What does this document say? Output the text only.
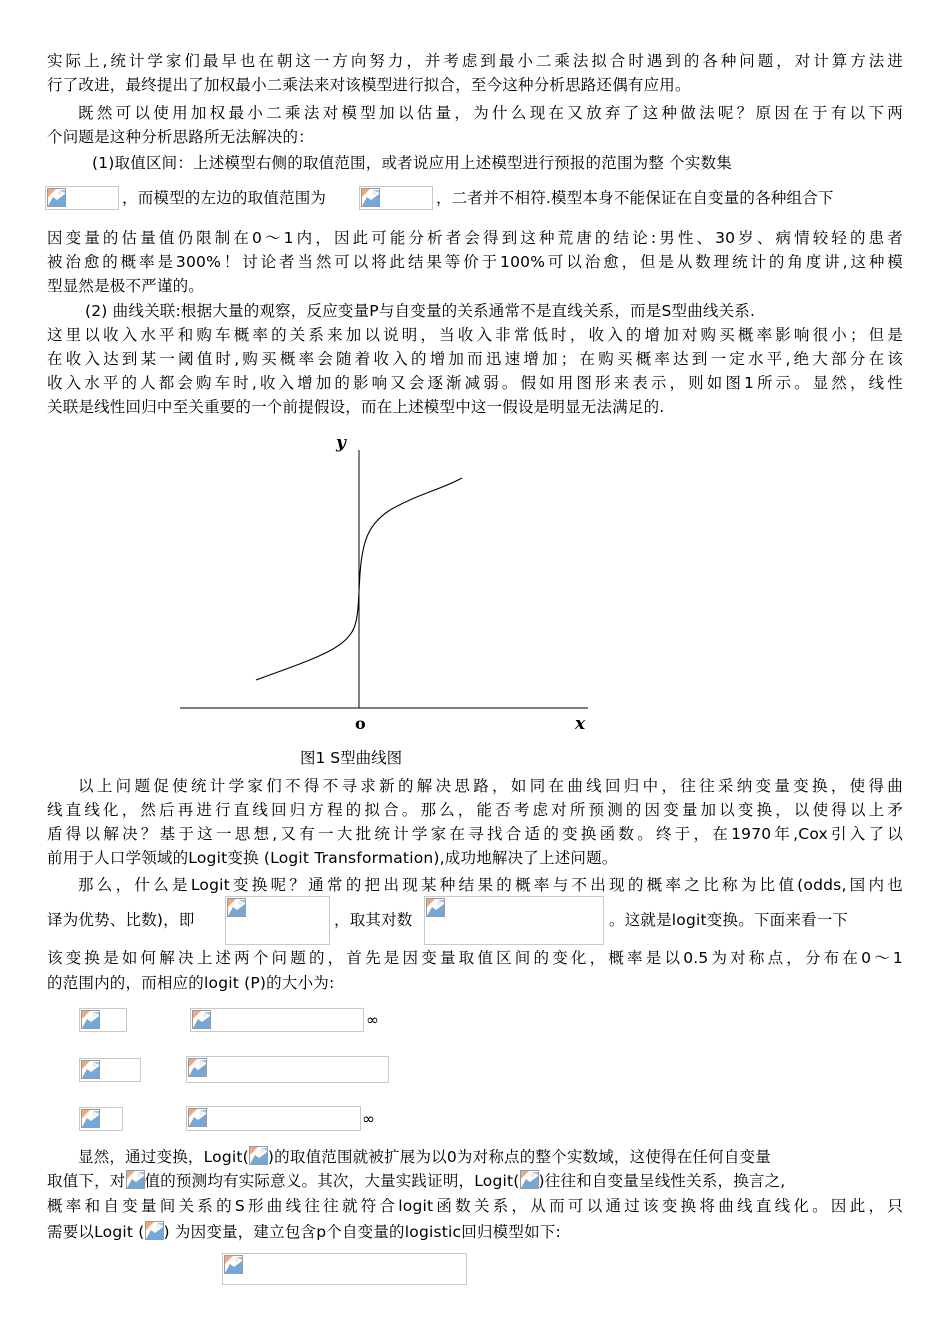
实际上,统计学家们最早也在朝这一方向努力，并考虑到最小二乘法拟合时遇到的各种问题，对计算方法进
行了改进，最终提出了加权最小二乘法来对该模型进行拟合，至今这种分析思路还偶有应用。
既然可以使用加权最小二乘法对模型加以估量，为什么现在又放弃了这种做法呢？原因在于有以下两
个问题是这种分析思路所无法解决的：
(1)取值区间：上述模型右侧的取值范围，或者说应用上述模型进行预报的范围为整 个实数集
，而模型的左边的取值范围为	，二者并不相符.模型本身不能保证在自变量的各种组合下
因变量的估量值仍限制在0～1内，因此可能分析者会得到这种荒唐的结论:男性、30岁、病情较轻的患者
被治愈的概率是300%！讨论者当然可以将此结果等价于100%可以治愈，但是从数理统计的角度讲,这种模
型显然是极不严谨的。
(2) 曲线关联:根据大量的观察，反应变量P与自变量的关系通常不是直线关系，而是S型曲线关系.
这里以收入水平和购车概率的关系来加以说明，当收入非常低时，收入的增加对购买概率影响很小；但是
在收入达到某一阈值时,购买概率会随着收入的增加而迅速增加；在购买概率达到一定水平,绝大部分在该
收入水平的人都会购车时,收入增加的影响又会逐渐减弱。假如用图形来表示，则如图1所示。显然，线性
关联是线性回归中至关重要的一个前提假设，而在上述模型中这一假设是明显无法满足的.
y
x
o
图1 S型曲线图
以上问题促使统计学家们不得不寻求新的解决思路，如同在曲线回归中，往往采纳变量变换，使得曲
线直线化，然后再进行直线回归方程的拟合。那么，能否考虑对所预测的因变量加以变换，以使得以上矛
盾得以解决？基于这一思想,又有一大批统计学家在寻找合适的变换函数。终于，在1970年,Cox引入了以
前用于人口学领域的Logit变换 (Logit Transformation),成功地解决了上述问题。
那么，什么是Logit变换呢？通常的把出现某种结果的概率与不出现的概率之比称为比值(odds,国内也
译为优势、比数)，即	，取其对数	。这就是logit变换。下面来看一下
该变换是如何解决上述两个问题的，首先是因变量取值区间的变化，概率是以0.5为对称点，分布在0～1
的范围内的，而相应的logit (P)的大小为:
∞
∞
显然，通过变换，Logit( )的取值范围就被扩展为以0为对称点的整个实数域，这使得在任何自变量
取值下，对 值的预测均有实际意义。其次，大量实践证明，Logit( )往往和自变量呈线性关系，换言之,
概率和自变量间关系的S形曲线往往就符合logit函数关系，从而可以通过该变换将曲线直线化。因此，只
需要以Logit ( ) 为因变量，建立包含p个自变量的logistic回归模型如下:
